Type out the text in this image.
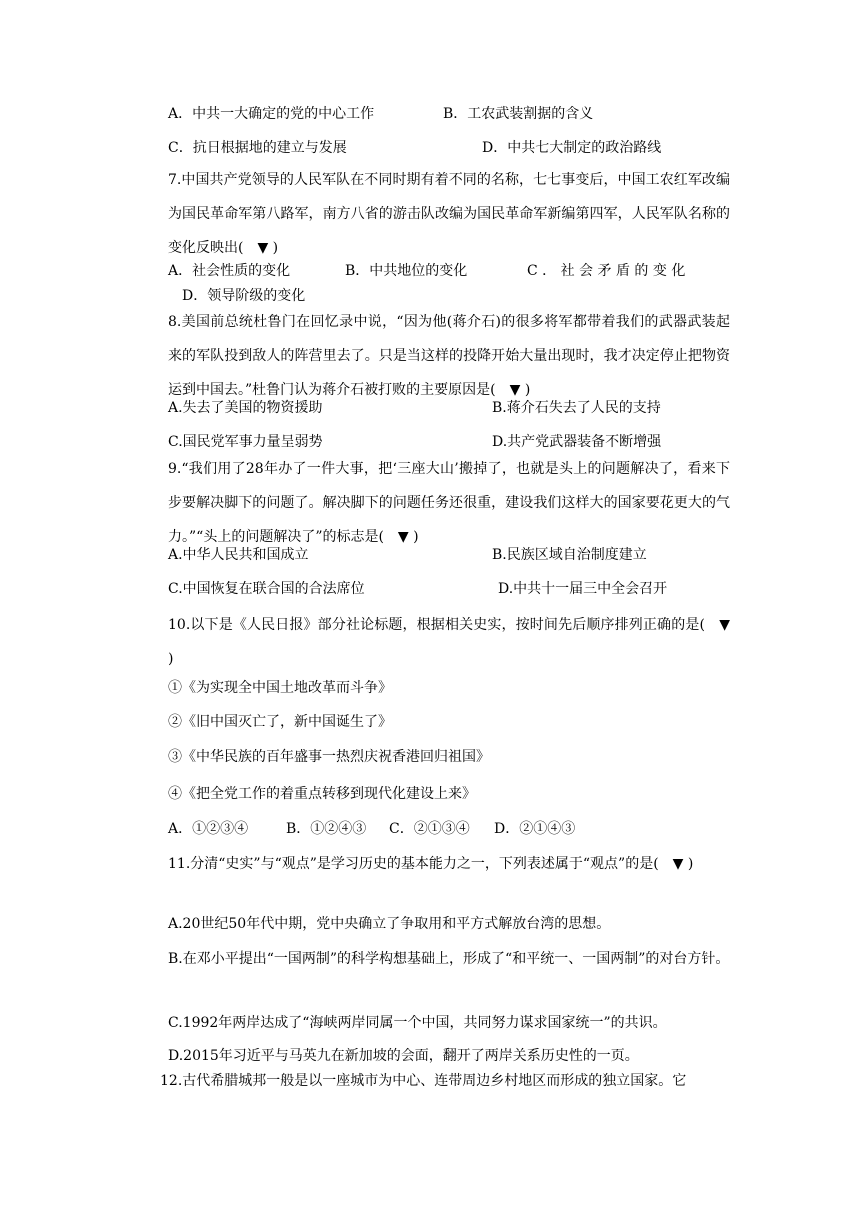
A．中共一大确定的党的中心工作	B．工农武装割据的含义
C．抗日根据地的建立与发展	D．中共七大制定的政治路线
7.中国共产党领导的人民军队在不同时期有着不同的名称，七七事变后，中国工农红军改编为国民革命军第八路军，南方八省的游击队改编为国民革命军新编第四军，人民军队名称的变化反映出(　▼ )
A．社会性质的变化	B．中共地位的变化	C ． 社 会 矛 盾 的 变 化
D．领导阶级的变化
8.美国前总统杜鲁门在回忆录中说，“因为他(蒋介石)的很多将军都带着我们的武器武装起来的军队投到敌人的阵营里去了。只是当这样的投降开始大量出现时，我才决定停止把物资运到中国去。”杜鲁门认为蒋介石被打败的主要原因是(　▼ )
A.失去了美国的物资援助	B.蒋介石失去了人民的支持
C.国民党军事力量呈弱势	D.共产党武器装备不断增强
9.“我们用了28年办了一件大事，把‘三座大山’搬掉了，也就是头上的问题解决了，看来下步要解决脚下的问题了。解决脚下的问题任务还很重，建设我们这样大的国家要花更大的气力。”“头上的问题解决了”的标志是(　▼ )
A.中华人民共和国成立	B.民族区域自治制度建立
C.中国恢复在联合国的合法席位	D.中共十一届三中全会召开
10.以下是《人民日报》部分社论标题，根据相关史实，按时间先后顺序排列正确的是(　▼ )
①《为实现全中国土地改革而斗争》
②《旧中国灭亡了，新中国诞生了》
③《中华民族的百年盛事一热烈庆祝香港回归祖国》
④《把全党工作的着重点转移到现代化建设上来》
A．①②③④	B．①②④③ C．②①③④ D．②①④③
11.分清“史实”与“观点”是学习历史的基本能力之一，下列表述属于“观点”的是(　▼ )
A.20世纪50年代中期，党中央确立了争取用和平方式解放台湾的思想。
B.在邓小平提出“一国两制”的科学构想基础上，形成了“和平统一、一国两制”的对台方针。
C.1992年两岸达成了“海峡两岸同属一个中国，共同努力谋求国家统一”的共识。
D.2015年习近平与马英九在新加坡的会面，翻开了两岸关系历史性的一页。
12.古代希腊城邦一般是以一座城市为中心、连带周边乡村地区而形成的独立国家。它
